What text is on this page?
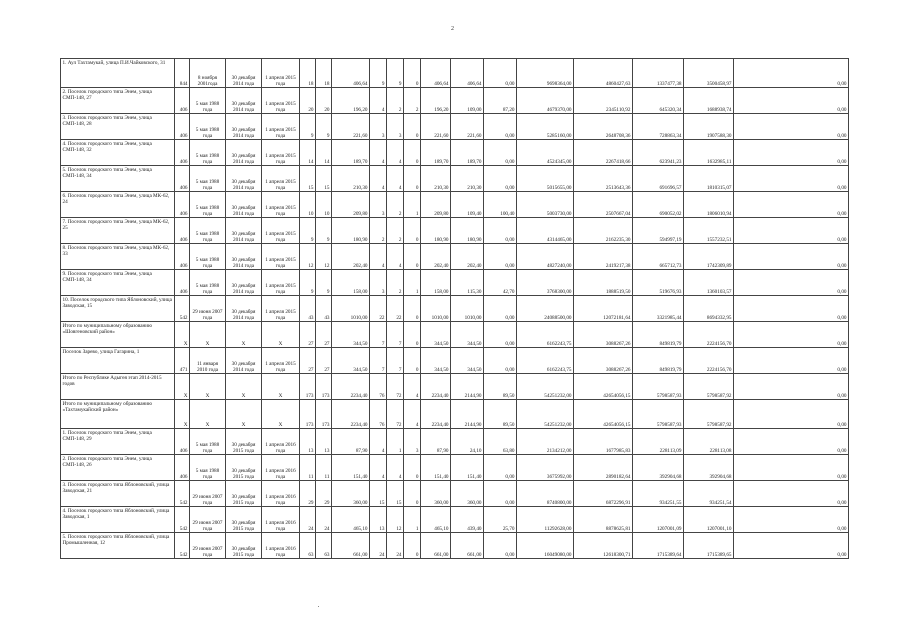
2
1. Аул Тахтамукай, улица П.И.Чайковского, 31	844	8 ноября 2001года	30 декабря 2014 года	1 апреля 2015 года	18	18	406,64	9	9	0	406,64	406,64	0,00	9698364,00	4860427,63	1337477,38	3500458,97	0,00
2. Поселок городского типа Энем, улица СМП-148, 27	406	5 мая 1988 года	30 декабря 2014 года	1 апреля 2015 года	20	20	196,20	4	2	2	196,20	109,00	87,20	4679370,00	2345110,92	645320,34	1688938,74	0,00
3. Поселок городского типа Энем, улица СМП-148, 28	406	5 мая 1988 года	30 декабря 2014 года	1 апреля 2015 года	9	9	221,60	3	3	0	221,60	221,60	0,00	5285160,00	2648708,36	728863,34	1907588,30	0,00
4. Поселок городского типа Энем, улица СМП-148, 32	406	5 мая 1988 года	30 декабря 2014 года	1 апреля 2015 года	14	14	189,70	4	4	0	189,70	189,70	0,00	4524345,00	2267418,66	623941,23	1632985,11	0,00
5. Поселок городского типа Энем, улица СМП-148, 34	406	5 мая 1988 года	30 декабря 2014 года	1 апреля 2015 года	15	15	210,30	4	4	0	210,30	210,30	0,00	5015655,00	2513643,36	691696,57	1810315,07	0,00
6. Поселок городского типа Энем, улица МК-62, 24	406	5 мая 1988 года	30 декабря 2014 года	1 апреля 2015 года	10	10	209,80	3	2	1	209,80	109,40	100,40	5003730,00	2507667,04	690052,02	1806010,94	0,00
7. Поселок городского типа Энем, улица МК-62, 25	406	5 мая 1988 года	30 декабря 2014 года	1 апреля 2015 года	9	9	180,90	2	2	0	180,90	180,90	0,00	4314465,00	2162235,30	594997,19	1557232,51	0,00
8. Поселок городского типа Энем, улица МК-62, 33	406	5 мая 1988 года	30 декабря 2014 года	1 апреля 2015 года	12	12	202,40	4	4	0	202,40	202,40	0,00	4827240,00	2419217,38	665712,73	1742309,89	0,00
9. Поселок городского типа Энем, улица СМП-148, 34	406	5 мая 1988 года	30 декабря 2014 года	1 апреля 2015 года	9	9	158,00	3	2	1	158,00	115,30	42,70	3768300,00	1888519,50	519676,93	1360103,57	0,00
10. Поселок городского типа Яблоновский, улица Заводская, 15	542	29 июня 2007 года	30 декабря 2014 года	1 апреля 2015 года	43	43	1010,00	22	22	0	1010,00	1010,00	0,00	24088500,00	12072181,64	3321985,44	8694332,95	0,00
Итого по муниципальному образованию «Шовгеновский район»	X	X	X	X	27	27	344,50	7	7	0	344,50	344,50	0,00	6162243,75	3088267,26	849819,79	2224156,70	0,00
Поселок Зарево, улица Гагарина, 1	471	11 января 2010 года	30 декабря 2014 года	1 апреля 2015 года	27	27	344,50	7	7	0	344,50	344,50	0,00	6162243,75	3088267,26	849819,79	2224156,70	0,00
Итого по Республике Адыгея этап 2014-2015 годов	X	X	X	X	173	173	2234,40	76	72	4	2234,40	2144,90	89,50	54251232,00	42654056,15	5798587,93	5798587,92	0,00
Итого по муниципальному образованию «Тахтамукайский район»	X	X	X	X	173	173	2234,40	76	72	4	2234,40	2144,90	89,50	54251232,00	42654056,15	5798587,93	5798587,92	0,00
1. Поселок городского типа Энем, улица СМП-148, 29	406	5 мая 1988 года	30 декабря 2015 года	1 апреля 2016 года	13	13	87,90	4	1	3	87,90	24,10	63,80	2134212,00	1677985,83	228113,09	228113,08	0,00
2. Поселок городского типа Энем, улица СМП-148, 26	406	5 мая 1988 года	30 декабря 2015 года	1 апреля 2016 года	11	11	151,40	4	4	0	151,40	151,40	0,00	3675992,00	2890182,64	392904,68	392904,68	0,00
3. Поселок городского типа Яблоновский, улица Заводская, 21	542	29 июня 2007 года	30 декабря 2015 года	1 апреля 2016 года	29	29	360,00	15	15	0	360,00	360,00	0,00	8740800,00	6872296,91	934251,55	934251,54	0,00
4. Поселок городского типа Яблоновский, улица Заводская, 1	542	29 июня 2007 года	30 декабря 2015 года	1 апреля 2016 года	24	24	465,10	13	12	1	465,10	439,40	25,70	11292628,00	8878625,81	1207001,09	1207001,10	0,00
5. Поселок городского типа Яблоновский, улица Промышленная, 12	542	29 июня 2007 года	30 декабря 2015 года	1 апреля 2016 года	63	63	661,00	24	24	0	661,00	661,00	0,00	16049080,00	12618300,71	1715389,64	1715389,65	0,00
